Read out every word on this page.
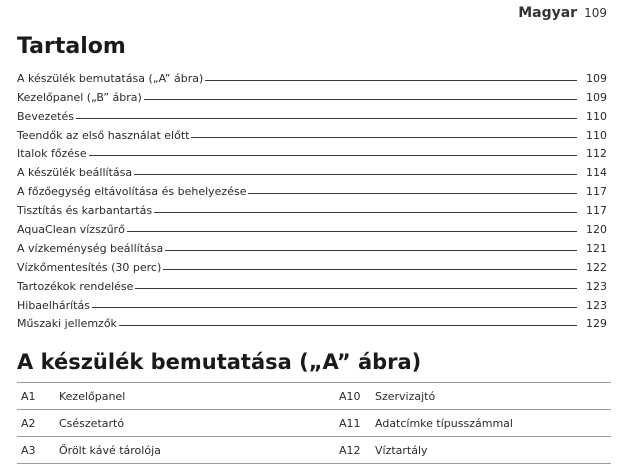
Magyar 109
Tartalom
A készülék bemutatása („A” ábra)	109
Kezelőpanel („B” ábra)	109
Bevezetés	110
Teendők az első használat előtt	110
Italok főzése	112
A készülék beállítása	114
A főzőegység eltávolítása és behelyezése	117
Tisztítás és karbantartás	117
AquaClean vízszűrő	120
A vízkeménység beállítása	121
Vízkőmentesítés (30 perc)	122
Tartozékok rendelése	123
Hibaelhárítás	123
Műszaki jellemzők	129
A készülék bemutatása („A” ábra)
A1	Kezelőpanel	A10	Szervizajtó
A2	Csészetartó	A11	Adatcímke típusszámmal
A3	Őrölt kávé tárolója	A12	Víztartály
